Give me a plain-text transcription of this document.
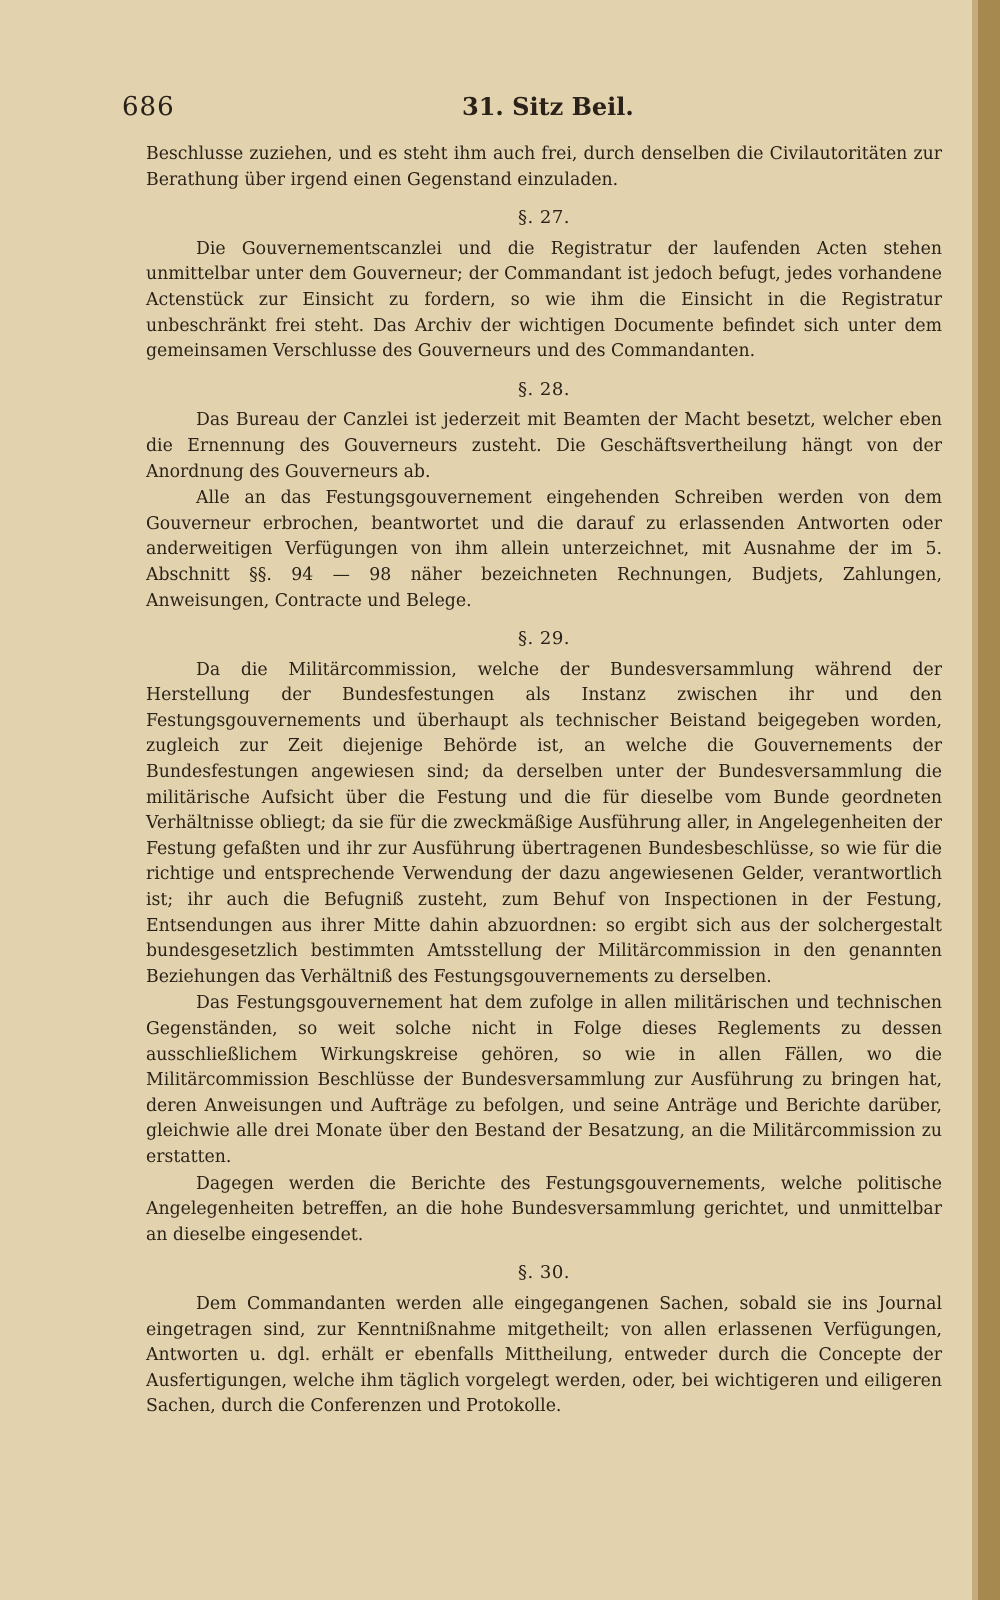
686	31. Sitz Beil.

Beschlusse zuziehen, und es steht ihm auch frei, durch denselben die Civilautoritäten zur Berathung über irgend einen Gegenstand einzuladen.

§. 27.

Die Gouvernementscanzlei und die Registratur der laufenden Acten stehen unmittelbar unter dem Gouverneur; der Commandant ist jedoch befugt, jedes vorhandene Actenstück zur Einsicht zu fordern, so wie ihm die Einsicht in die Registratur unbeschränkt frei steht. Das Archiv der wichtigen Documente befindet sich unter dem gemeinsamen Verschlusse des Gouverneurs und des Commandanten.

§. 28.

Das Bureau der Canzlei ist jederzeit mit Beamten der Macht besetzt, welcher eben die Ernennung des Gouverneurs zusteht. Die Geschäftsvertheilung hängt von der Anordnung des Gouverneurs ab.

Alle an das Festungsgouvernement eingehenden Schreiben werden von dem Gouverneur erbrochen, beantwortet und die darauf zu erlassenden Antworten oder anderweitigen Verfügungen von ihm allein unterzeichnet, mit Ausnahme der im 5. Abschnitt §§. 94 — 98 näher bezeichneten Rechnungen, Budjets, Zahlungen, Anweisungen, Contracte und Belege.

§. 29.

Da die Militärcommission, welche der Bundesversammlung während der Herstellung der Bundesfestungen als Instanz zwischen ihr und den Festungsgouvernements und überhaupt als technischer Beistand beigegeben worden, zugleich zur Zeit diejenige Behörde ist, an welche die Gouvernements der Bundesfestungen angewiesen sind; da derselben unter der Bundesversammlung die militärische Aufsicht über die Festung und die für dieselbe vom Bunde geordneten Verhältnisse obliegt; da sie für die zweckmäßige Ausführung aller, in Angelegenheiten der Festung gefaßten und ihr zur Ausführung übertragenen Bundesbeschlüsse, so wie für die richtige und entsprechende Verwendung der dazu angewiesenen Gelder, verantwortlich ist; ihr auch die Befugniß zusteht, zum Behuf von Inspectionen in der Festung, Entsendungen aus ihrer Mitte dahin abzuordnen: so ergibt sich aus der solchergestalt bundesgesetzlich bestimmten Amtsstellung der Militärcommission in den genannten Beziehungen das Verhältniß des Festungsgouvernements zu derselben.

Das Festungsgouvernement hat dem zufolge in allen militärischen und technischen Gegenständen, so weit solche nicht in Folge dieses Reglements zu dessen ausschließlichem Wirkungskreise gehören, so wie in allen Fällen, wo die Militärcommission Beschlüsse der Bundesversammlung zur Ausführung zu bringen hat, deren Anweisungen und Aufträge zu befolgen, und seine Anträge und Berichte darüber, gleichwie alle drei Monate über den Bestand der Besatzung, an die Militärcommission zu erstatten.

Dagegen werden die Berichte des Festungsgouvernements, welche politische Angelegenheiten betreffen, an die hohe Bundesversammlung gerichtet, und unmittelbar an dieselbe eingesendet.

§. 30.

Dem Commandanten werden alle eingegangenen Sachen, sobald sie ins Journal eingetragen sind, zur Kenntnißnahme mitgetheilt; von allen erlassenen Verfügungen, Antworten u. dgl. erhält er ebenfalls Mittheilung, entweder durch die Concepte der Ausfertigungen, welche ihm täglich vorgelegt werden, oder, bei wichtigeren und eiligeren Sachen, durch die Conferenzen und Protokolle.
